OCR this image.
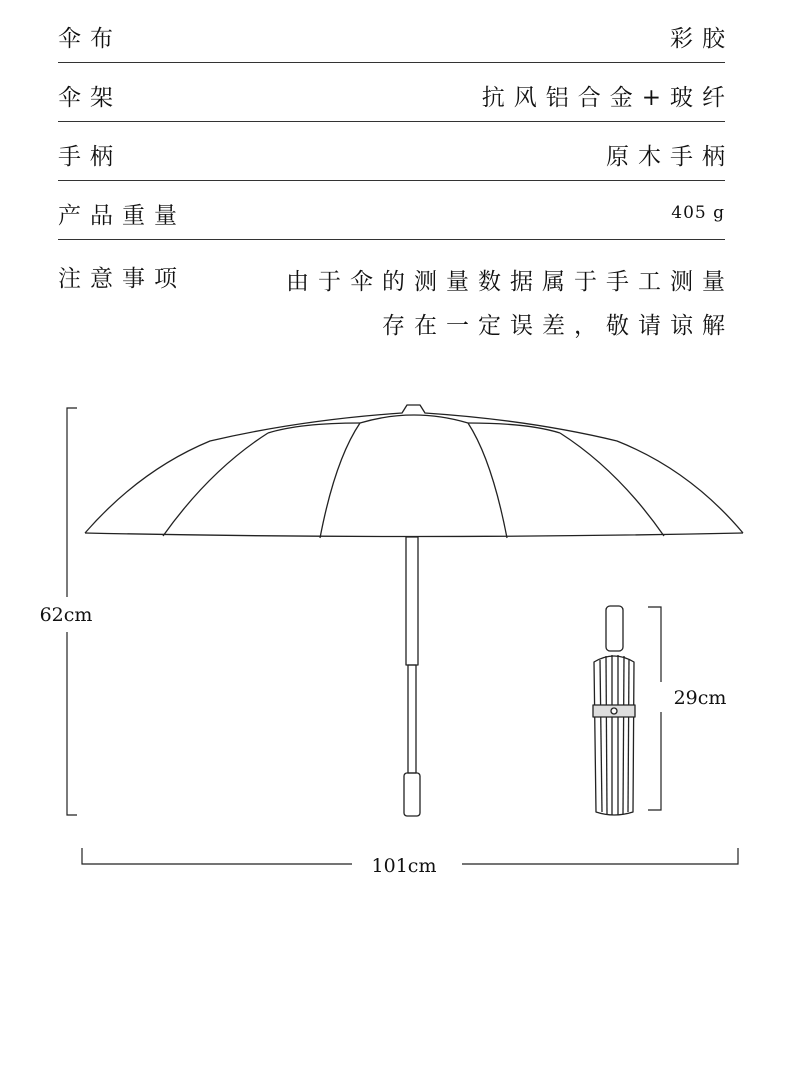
伞布	彩胶
伞架	抗风铝合金+玻纤
手柄	原木手柄
产品重量	405 g
注意事项	由于伞的测量数据属于手工测量
存在一定误差，敬请谅解
62cm
101cm
29cm
